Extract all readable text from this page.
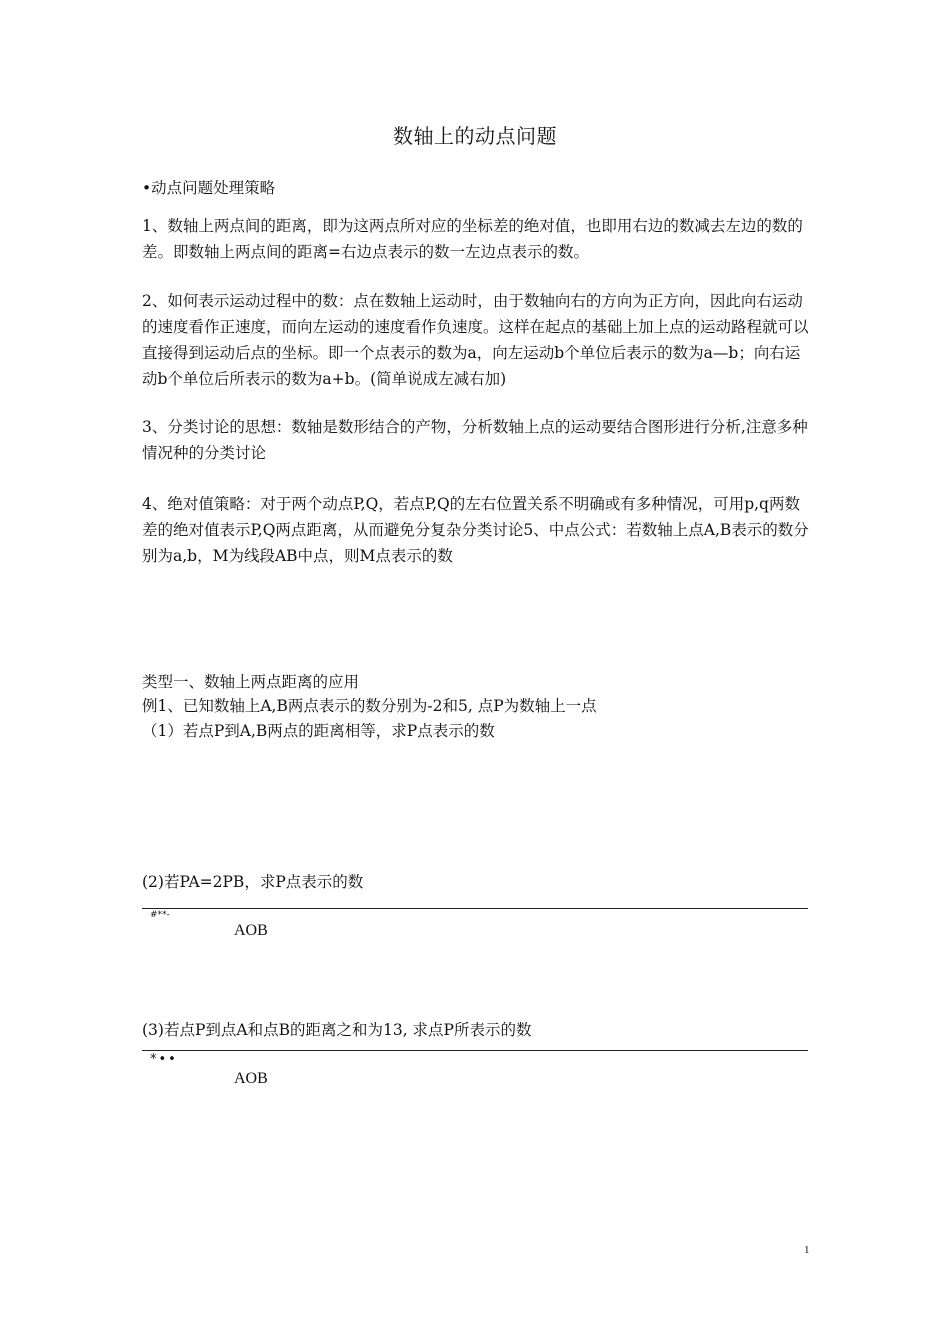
数轴上的动点问题
•动点问题处理策略
1、数轴上两点间的距离，即为这两点所对应的坐标差的绝对值，也即用右边的数减去左边的数的差。即数轴上两点间的距离=右边点表示的数一左边点表示的数。
2、如何表示运动过程中的数：点在数轴上运动时，由于数轴向右的方向为正方向，因此向右运动的速度看作正速度，而向左运动的速度看作负速度。这样在起点的基础上加上点的运动路程就可以直接得到运动后点的坐标。即一个点表示的数为a，向左运动b个单位后表示的数为a—b；向右运动b个单位后所表示的数为a+b。(简单说成左减右加)
3、分类讨论的思想：数轴是数形结合的产物，分析数轴上点的运动要结合图形进行分析,注意多种情况种的分类讨论
4、绝对值策略：对于两个动点P,Q，若点P,Q的左右位置关系不明确或有多种情况，可用p,q两数差的绝对值表示P,Q两点距离，从而避免分复杂分类讨论5、中点公式：若数轴上点A,B表示的数分别为a,b，M为线段AB中点，则M点表示的数
类型一、数轴上两点距离的应用
例1、已知数轴上A,B两点表示的数分别为-2和5, 点P为数轴上一点
（1）若点P到A,B两点的距离相等，求P点表示的数
(2)若PA=2PB，求P点表示的数
#**-
AOB
(3)若点P到点A和点B的距离之和为13, 求点P所表示的数
*••
AOB
1
